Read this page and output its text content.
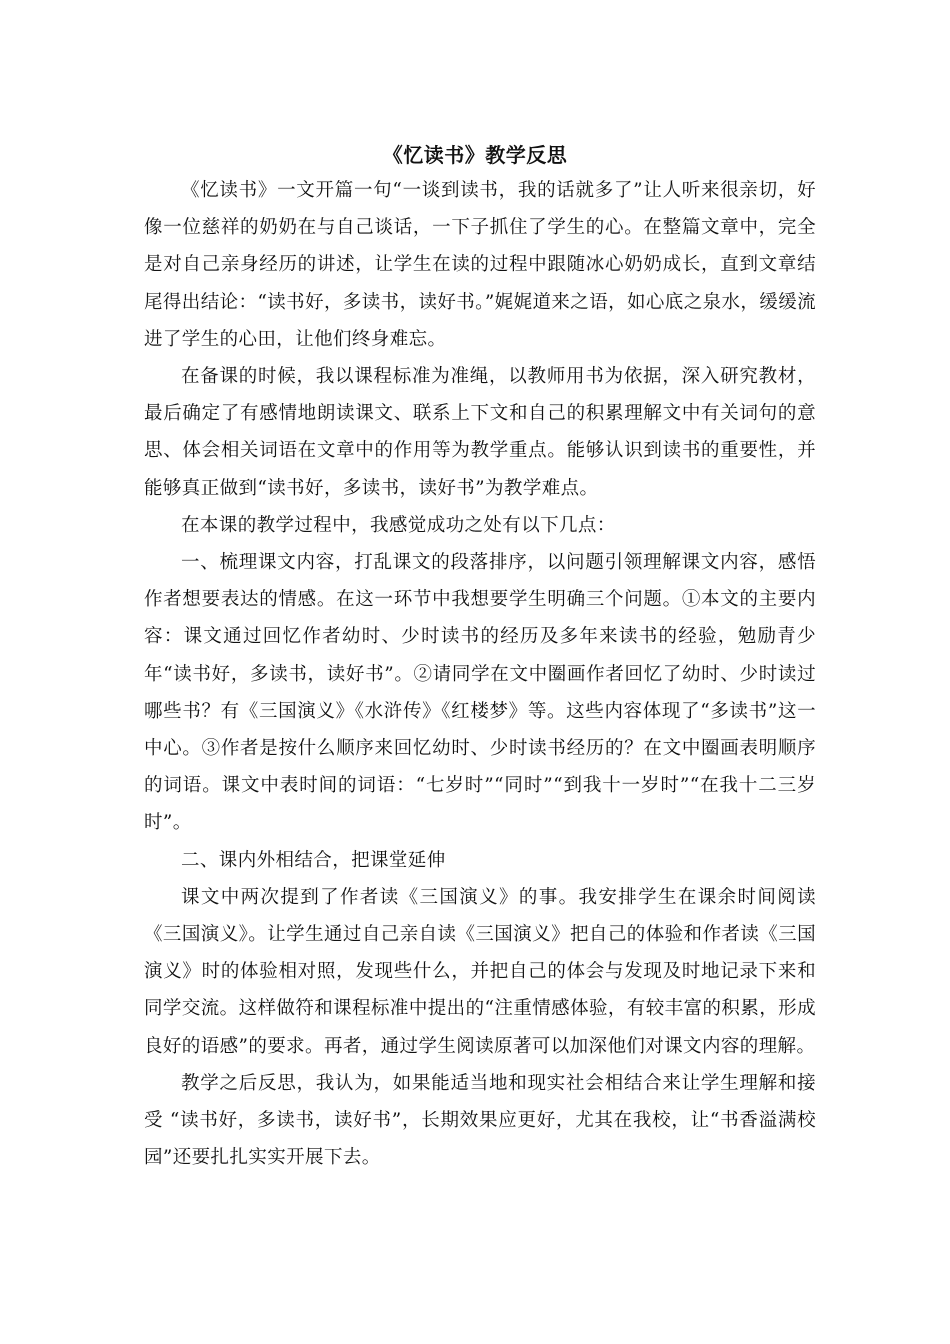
《忆读书》教学反思

《忆读书》一文开篇一句“一谈到读书，我的话就多了”让人听来很亲切，好像一位慈祥的奶奶在与自己谈话，一下子抓住了学生的心。在整篇文章中，完全是对自己亲身经历的讲述，让学生在读的过程中跟随冰心奶奶成长，直到文章结尾得出结论：“读书好，多读书，读好书。”娓娓道来之语，如心底之泉水，缓缓流进了学生的心田，让他们终身难忘。

在备课的时候，我以课程标准为准绳，以教师用书为依据，深入研究教材，最后确定了有感情地朗读课文、联系上下文和自己的积累理解文中有关词句的意思、体会相关词语在文章中的作用等为教学重点。能够认识到读书的重要性，并能够真正做到“读书好，多读书，读好书”为教学难点。

在本课的教学过程中，我感觉成功之处有以下几点：

一、梳理课文内容，打乱课文的段落排序，以问题引领理解课文内容，感悟作者想要表达的情感。在这一环节中我想要学生明确三个问题。①本文的主要内容：课文通过回忆作者幼时、少时读书的经历及多年来读书的经验，勉励青少年“读书好，多读书，读好书”。②请同学在文中圈画作者回忆了幼时、少时读过哪些书？有《三国演义》《水浒传》《红楼梦》等。这些内容体现了“多读书”这一中心。③作者是按什么顺序来回忆幼时、少时读书经历的？在文中圈画表明顺序的词语。课文中表时间的词语：“七岁时”“同时”“到我十一岁时”“在我十二三岁时”。

二、课内外相结合，把课堂延伸

课文中两次提到了作者读《三国演义》的事。我安排学生在课余时间阅读《三国演义》。让学生通过自己亲自读《三国演义》把自己的体验和作者读《三国演义》时的体验相对照，发现些什么，并把自己的体会与发现及时地记录下来和同学交流。这样做符和课程标准中提出的“注重情感体验，有较丰富的积累，形成良好的语感”的要求。再者，通过学生阅读原著可以加深他们对课文内容的理解。

教学之后反思，我认为，如果能适当地和现实社会相结合来让学生理解和接受 “读书好，多读书，读好书”，长期效果应更好，尤其在我校，让“书香溢满校园”还要扎扎实实开展下去。
